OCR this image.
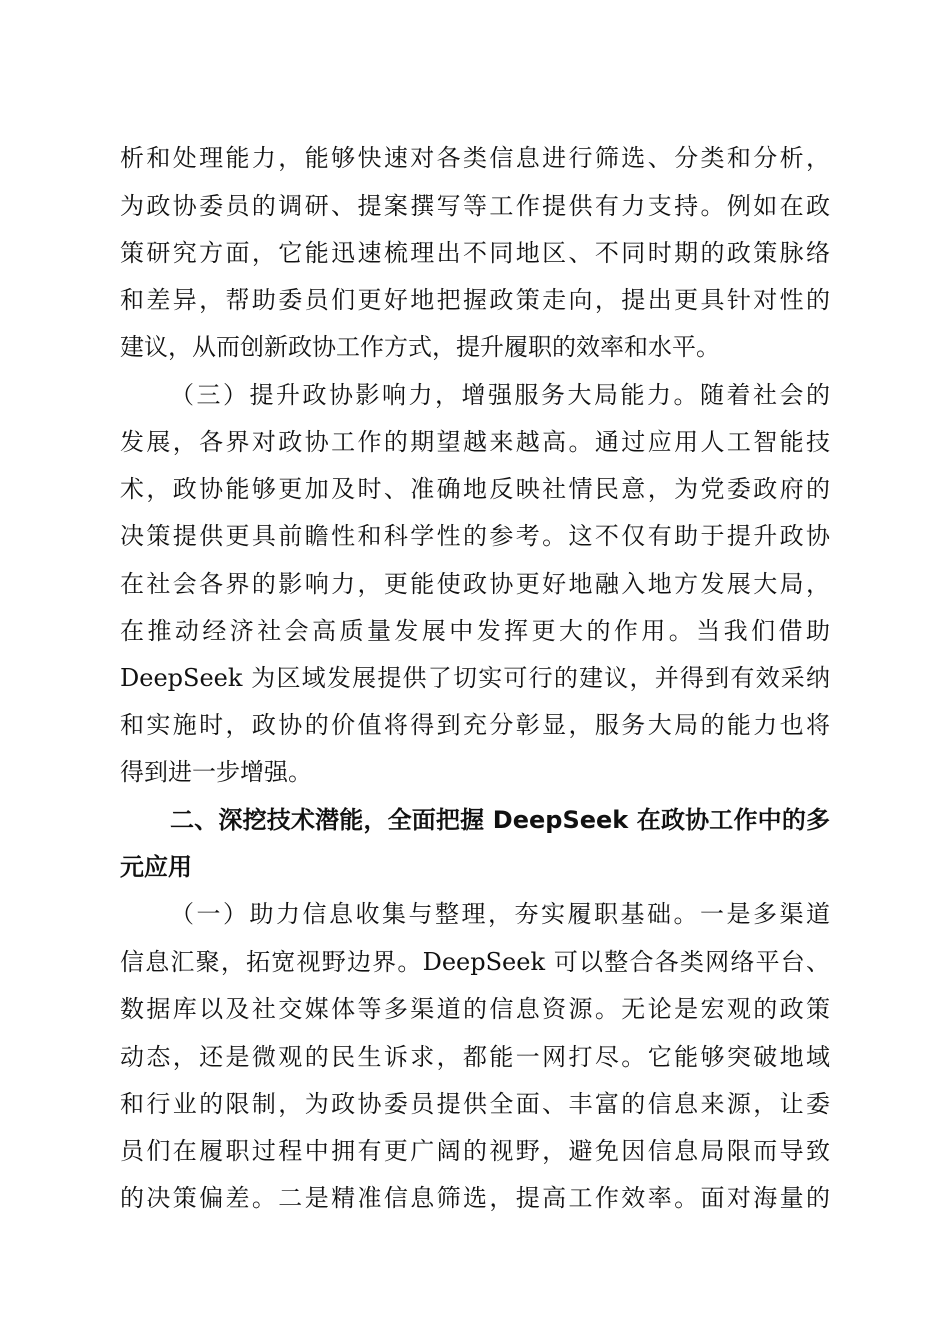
析和处理能力，能够快速对各类信息进行筛选、分类和分析，
为政协委员的调研、提案撰写等工作提供有力支持。例如在政
策研究方面，它能迅速梳理出不同地区、不同时期的政策脉络
和差异，帮助委员们更好地把握政策走向，提出更具针对性的
建议，从而创新政协工作方式，提升履职的效率和水平。
（三）提升政协影响力，增强服务大局能力。随着社会的
发展，各界对政协工作的期望越来越高。通过应用人工智能技
术，政协能够更加及时、准确地反映社情民意，为党委政府的
决策提供更具前瞻性和科学性的参考。这不仅有助于提升政协
在社会各界的影响力，更能使政协更好地融入地方发展大局，
在推动经济社会高质量发展中发挥更大的作用。当我们借助
DeepSeek 为区域发展提供了切实可行的建议，并得到有效采纳
和实施时，政协的价值将得到充分彰显，服务大局的能力也将
得到进一步增强。
二、深挖技术潜能，全面把握 DeepSeek 在政协工作中的多
元应用
（一）助力信息收集与整理，夯实履职基础。一是多渠道
信息汇聚，拓宽视野边界。DeepSeek 可以整合各类网络平台、
数据库以及社交媒体等多渠道的信息资源。无论是宏观的政策
动态，还是微观的民生诉求，都能一网打尽。它能够突破地域
和行业的限制，为政协委员提供全面、丰富的信息来源，让委
员们在履职过程中拥有更广阔的视野，避免因信息局限而导致
的决策偏差。二是精准信息筛选，提高工作效率。面对海量的
